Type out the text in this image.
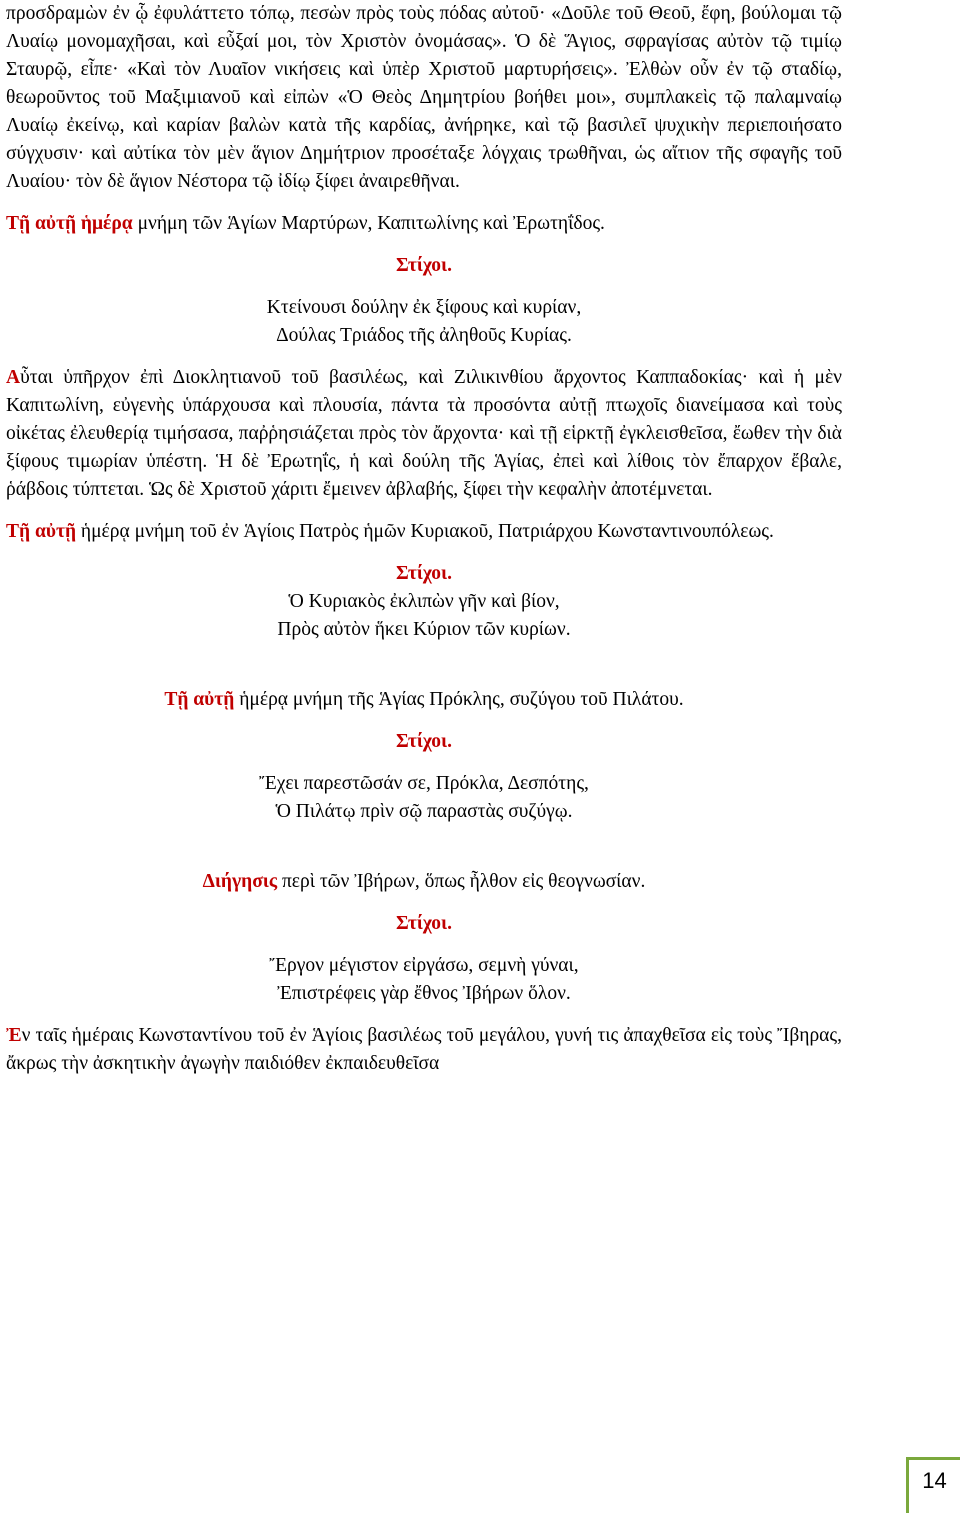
προσδραμὼν ἐν ᾧ ἐφυλάττετο τόπῳ, πεσὼν πρὸς τοὺς πόδας αὐτοῦ· «Δοῦλε τοῦ Θεοῦ, ἔφη, βούλομαι τῷ Λυαίῳ μονομαχῆσαι, καὶ εὖξαί μοι, τὸν Χριστὸν ὀνομάσας». Ὁ δὲ Ἅγιος, σφραγίσας αὐτὸν τῷ τιμίῳ Σταυρῷ, εἶπε· «Καὶ τὸν Λυαῖον νικήσεις καὶ ὑπὲρ Χριστοῦ μαρτυρήσεις». Ἐλθὼν οὖν ἐν τῷ σταδίῳ, θεωροῦντος τοῦ Μαξιμιανοῦ καὶ εἰπὼν «Ὁ Θεὸς Δημητρίου βοήθει μοι», συμπλακεὶς τῷ παλαμναίῳ Λυαίῳ ἐκείνῳ, καὶ καρίαν βαλὼν κατὰ τῆς καρδίας, ἀνήρηκε, καὶ τῷ βασιλεῖ ψυχικὴν περιεποιήσατο σύγχυσιν· καὶ αὐτίκα τὸν μὲν ἅγιον Δημήτριον προσέταξε λόγχαις τρωθῆναι, ὡς αἴτιον τῆς σφαγῆς τοῦ Λυαίου· τὸν δὲ ἅγιον Νέστορα τῷ ἰδίῳ ξίφει ἀναιρεθῆναι.

Τῇ αὐτῇ ἡμέρᾳ μνήμη τῶν Ἁγίων Μαρτύρων, Καπιτωλίνης καὶ Ἐρωτηΐδος.

Στίχοι.

Κτείνουσι δούλην ἐκ ξίφους καὶ κυρίαν,

Δούλας Τριάδος τῆς ἀληθοῦς Κυρίας.

Αὗται ὑπῆρχον ἐπὶ Διοκλητιανοῦ τοῦ βασιλέως, καὶ Ζιλικινθίου ἄρχοντος Καππαδοκίας· καὶ ἡ μὲν Καπιτωλίνη, εὐγενὴς ὑπάρχουσα καὶ πλουσία, πάντα τὰ προσόντα αὐτῇ πτωχοῖς διανείμασα καὶ τοὺς οἰκέτας ἐλευθερίᾳ τιμήσασα, παῤῥησιάζεται πρὸς τὸν ἄρχοντα· καὶ τῇ εἱρκτῇ ἐγκλεισθεῖσα, ἔωθεν τὴν διὰ ξίφους τιμωρίαν ὑπέστη. Ἡ δὲ Ἐρωτηΐς, ἡ καὶ δούλη τῆς Ἁγίας, ἐπεὶ καὶ λίθοις τὸν ἔπαρχον ἔβαλε, ῥάβδοις τύπτεται. Ὡς δὲ Χριστοῦ χάριτι ἔμεινεν ἀβλαβής, ξίφει τὴν κεφαλὴν ἀποτέμνεται.

Τῇ αὐτῇ ἡμέρᾳ μνήμη τοῦ ἐν Ἁγίοις Πατρὸς ἡμῶν Κυριακοῦ, Πατριάρχου Κωνσταντινουπόλεως.

Στίχοι.

Ὁ Κυριακὸς ἐκλιπὼν γῆν καὶ βίον,

Πρὸς αὐτὸν ἥκει Κύριον τῶν κυρίων.

Τῇ αὐτῇ ἡμέρᾳ μνήμη τῆς Ἁγίας Πρόκλης, συζύγου τοῦ Πιλάτου.

Στίχοι.

Ἔχει παρεστῶσάν σε, Πρόκλα, Δεσπότης,

Ὁ Πιλάτῳ πρὶν σῷ παραστὰς συζύγῳ.

Διήγησις περὶ τῶν Ἰβήρων, ὅπως ἦλθον εἰς θεογνωσίαν.

Στίχοι.

Ἔργον μέγιστον εἰργάσω, σεμνὴ γύναι,

Ἐπιστρέφεις γὰρ ἔθνος Ἰβήρων ὅλον.

Ἐν ταῖς ἡμέραις Κωνσταντίνου τοῦ ἐν Ἁγίοις βασιλέως τοῦ μεγάλου, γυνή τις ἀπαχθεῖσα εἰς τοὺς Ἴβηρας, ἄκρως τὴν ἀσκητικὴν ἀγωγὴν παιδιόθεν ἐκπαιδευθεῖσα

14
